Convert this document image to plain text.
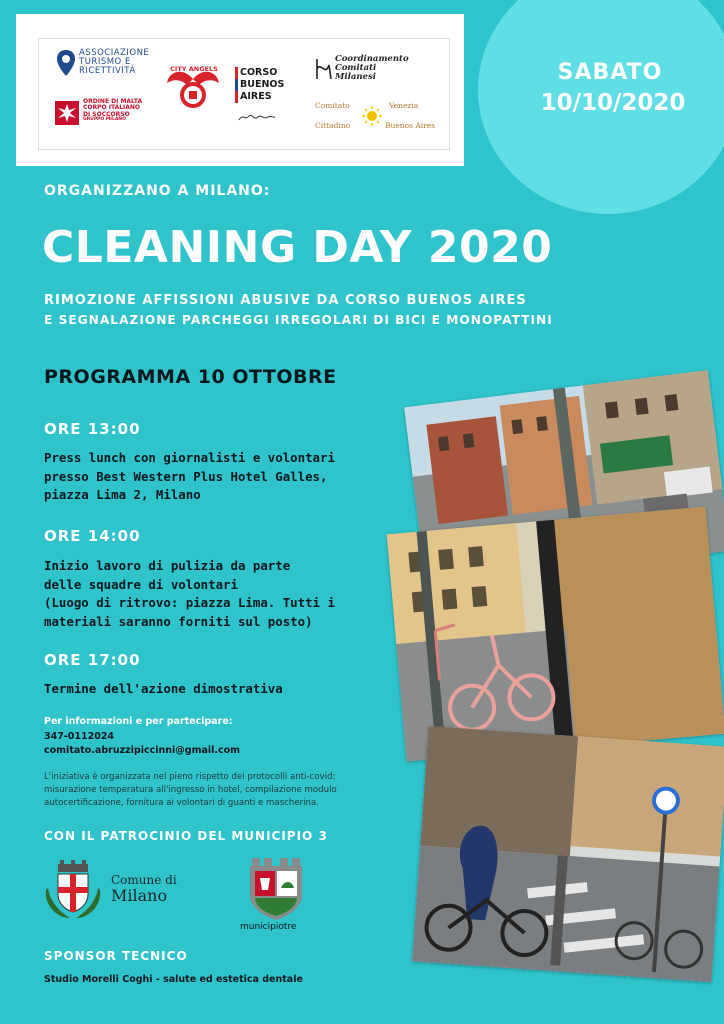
ASSOCIAZIONE
TURISMO E
RICETTIVITÀ
ORDINE DI MALTA
CORPO ITALIANO
DI SOCCORSO
GRUPPO MILANO
CITY ANGELS	CORSO
BUENOS
AIRES
Coordinamento
Comitati
Milanesi
Comitato	Venezia
Cittadino	Buenos Aires
SABATO
10/10/2020
ORGANIZZANO A MILANO:
CLEANING DAY 2020
RIMOZIONE AFFISSIONI ABUSIVE DA CORSO BUENOS AIRES
E SEGNALAZIONE PARCHEGGI IRREGOLARI DI BICI E MONOPATTINI
PROGRAMMA 10 OTTOBRE
ORE 13:00
Press lunch con giornalisti e volontari
presso Best Western Plus Hotel Galles,
piazza Lima 2, Milano
ORE 14:00
Inizio lavoro di pulizia da parte
delle squadre di volontari
(Luogo di ritrovo: piazza Lima. Tutti i
materiali saranno forniti sul posto)
ORE 17:00
Termine dell'azione dimostrativa
Per informazioni e per partecipare:
347-0112024
comitato.abruzzipiccinni@gmail.com
L'iniziativa è organizzata nel pieno rispetto dei protocolli anti-covid:
misurazione temperatura all'ingresso in hotel, compilazione modulo
autocertificazione, fornitura ai volontari di guanti e mascherina.
CON IL PATROCINIO DEL MUNICIPIO 3
Comune di
Milano
municipiotre
SPONSOR TECNICO
Studio Morelli Coghi - salute ed estetica dentale
